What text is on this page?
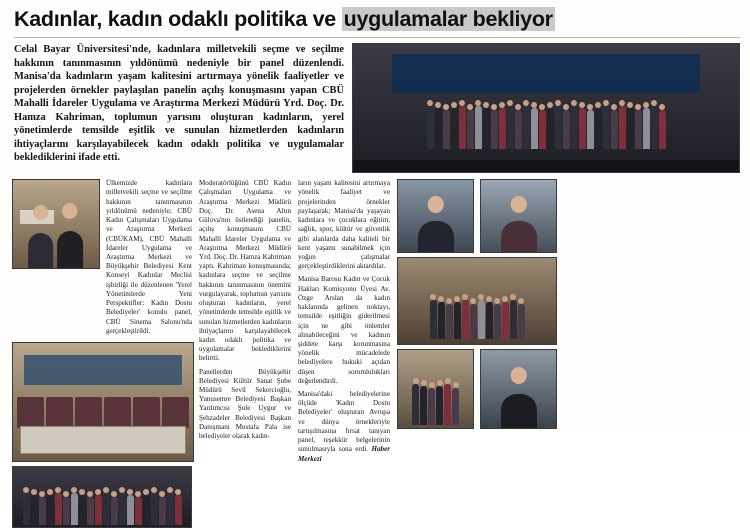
Kadınlar, kadın odaklı politika ve uygulamalar bekliyor
Celal Bayar Üniversitesi'nde, kadınlara milletvekili seçme ve seçilme hakkının tanınmasının yıldönümü nedeniyle bir panel düzenlendi. Manisa'da kadınların yaşam kalitesini artırmaya yönelik faaliyetler ve projelerden örnekler paylaşılan panelin açılış konuşmasını yapan CBÜ Mahalli İdareler Uygulama ve Araştırma Merkezi Müdürü Yrd. Doç. Dr. Hamza Kahriman, toplumun yarısını oluşturan kadınların, yerel yönetimlerde temsilde eşitlik ve sunulan hizmetlerden kadınların ihtiyaçlarını karşılayabilecek kadın odaklı politika ve uygulamalar beklediklerini ifade etti.

Ülkemizde kadınlara milletvekili seçme ve seçilme hakkının tanınmasının yıldönümü nedeniyle; CBÜ Kadın Çalışmaları Uygulama ve Araştırma Merkezi (CBÜKAM), CBÜ Mahalli İdareler Uygulama ve Araştırma Merkezi ve Büyükşehir Belediyesi Kent Konseyi Kadınlar Meclisi işbirliği ile düzenlenen 'Yerel Yönetimlerde Yeni Perspektifler: Kadın Dostu Belediyeler' konulu panel, CBÜ Sinema Salonu'nda gerçekleştirildi.

Moderatörlüğünü CBÜ Kadın Çalışmaları Uygulama ve Araştırma Merkezi Müdürü Doç. Dr. Asena Altın Gülova'nın üstlendiği panelin, açılış konuşmasını CBÜ Mahalli İdareler Uygulama ve Araştırma Merkezi Müdürü Yrd. Doç. Dr. Hamza Kahriman yaptı. Kahriman konuşmasında; kadınlara seçme ve seçilme hakkının tanınmasının önemini vurgulayarak, toplumun yarısını oluşturan kadınların, yerel yönetimlerde temsilde eşitlik ve sunulan hizmetlerden kadınların ihtiyaçlarını karşılayabilecek kadın odaklı politika ve uygulamalar beklediklerini belirtti.

Panellerden Büyükşehir Belediyesi Kültür Sanat Şube Müdürü Sevil Sekercioğlu, Yunusemre Belediyesi Başkan Yardımcısı Şule Uygur ve Şehzadeler Belediyesi Başkan Danışmanı Mustafa Pala ise belediyeler olarak kadın-

ların yaşam kalitesini artırmaya yönelik faaliyet ve projelerinden örnekler paylaşarak; Manisa'da yaşayan kadınlara ve çocuklara eğitim, sağlık, spor, kültür ve güvenlik gibi alanlarda daha kaliteli bir kent yaşamı sunabilmek için yoğun çalışmalar gerçekleştirdiklerini aktardılar.

Manisa Barosu Kadın ve Çocuk Hakları Komisyonu Üyesi Av. Özge Arslan da kadın haklarında gelinen noktayı, temsilde eşitliğin giderilmesi için ne gibi önlemler alınabileceğini ve kadının şiddete karşı korunmasına yönelik mücadelede belediyelere hukuki açıdan düşen sorumlulukları değerlendirdi.

Manisa'daki belediyelerine ölçüde 'Kadın Dostu Belediyeler' oluşturan Avrupa ve dünya örnekleriyle tartışılmasına fırsat tanıyan panel, teşekkür belgelerinin sunulmasıyla sona erdi. Haber Merkezi
